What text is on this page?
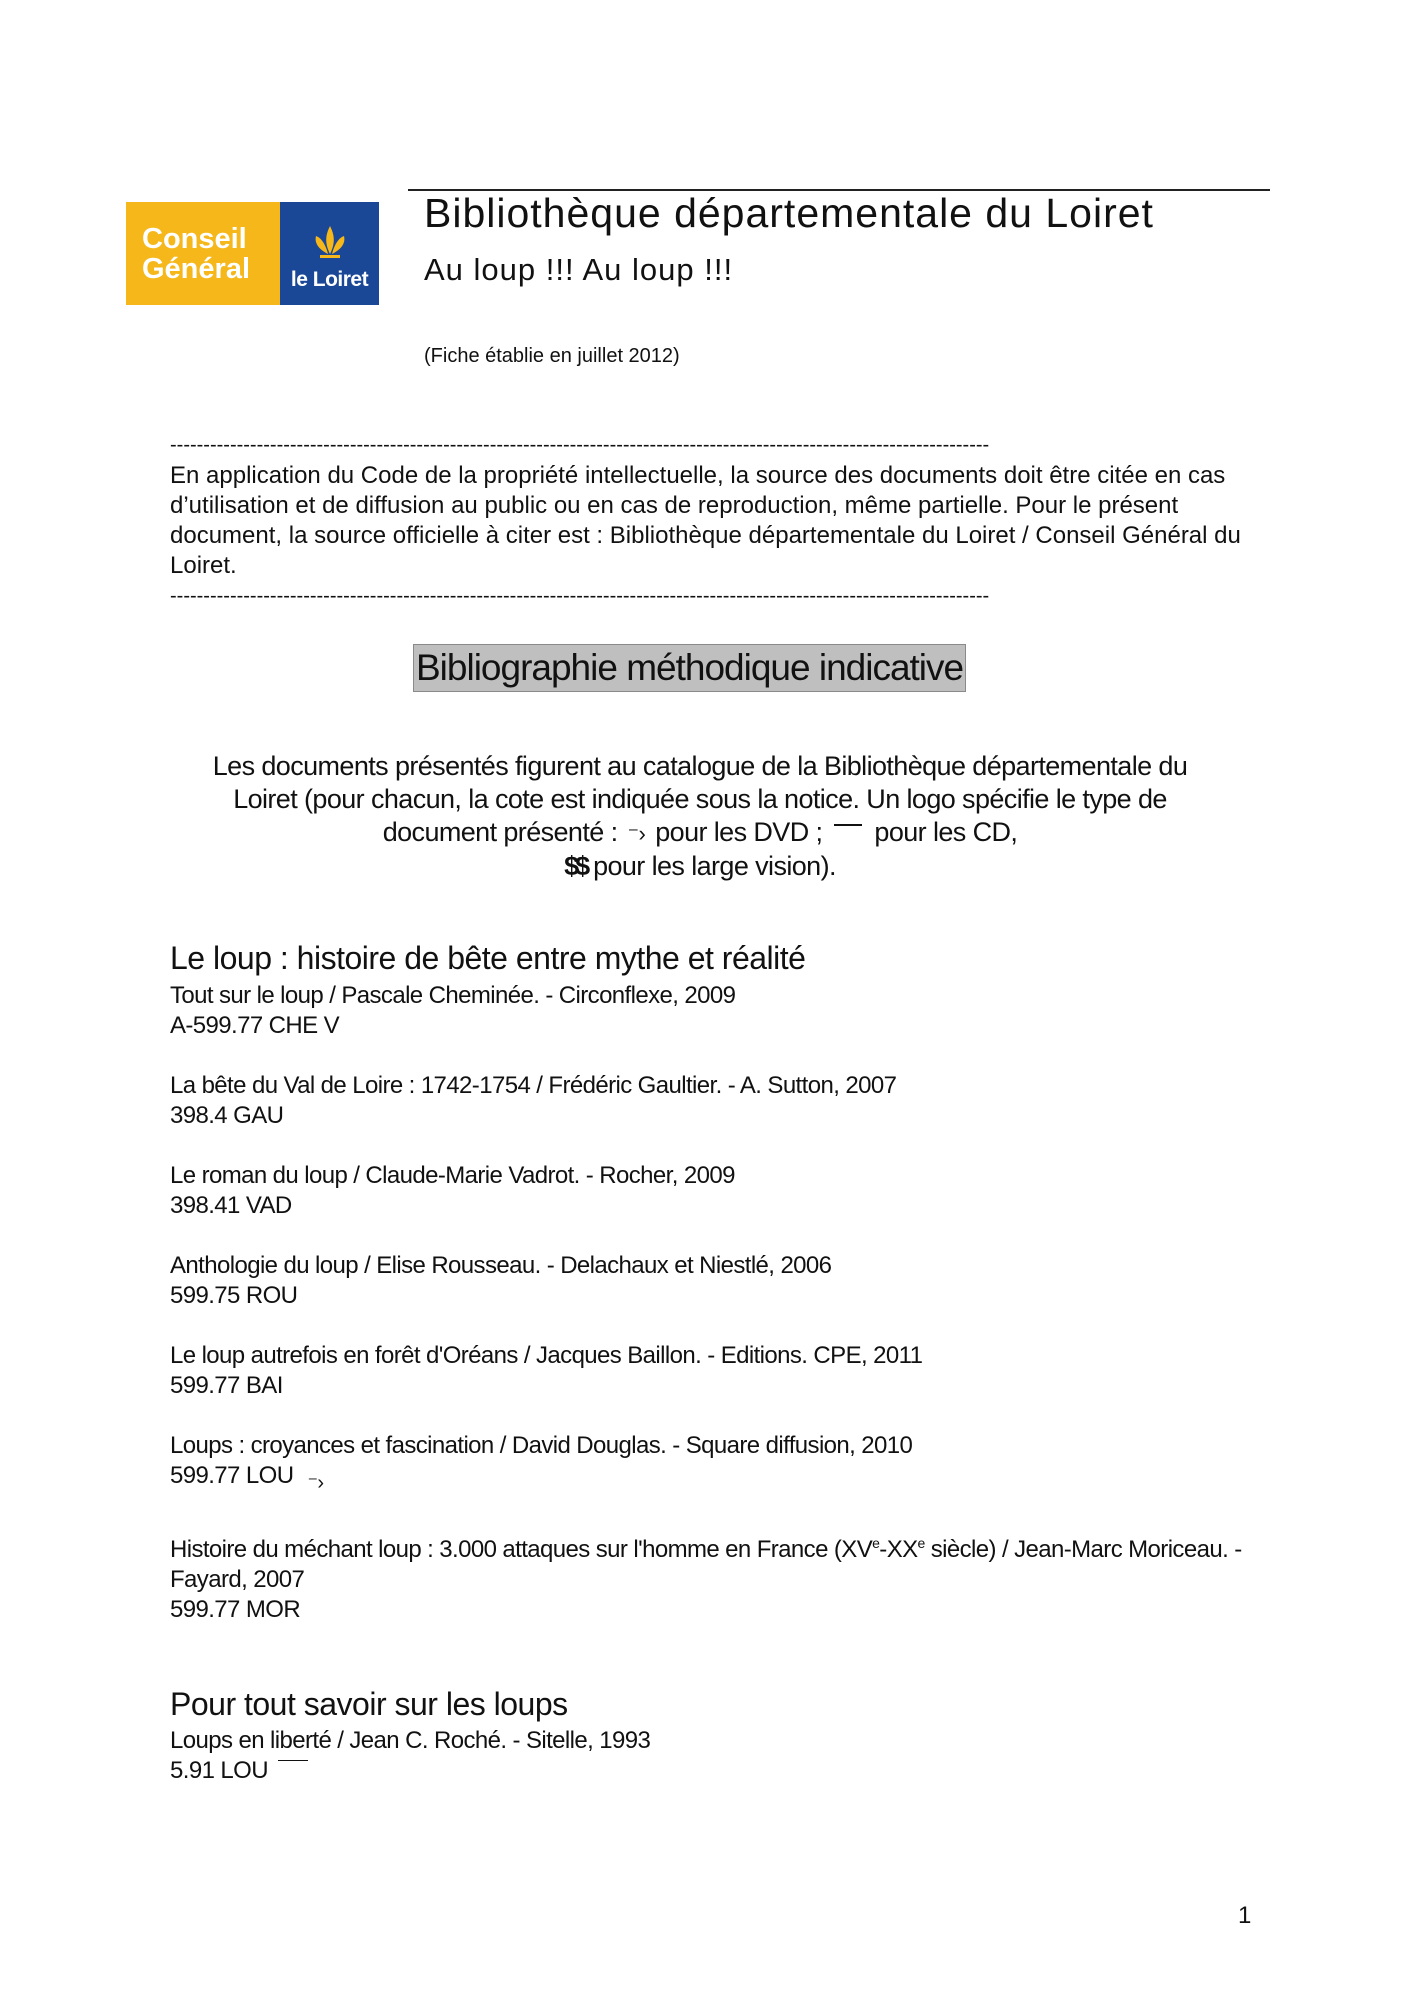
Conseil
Général	le Loiret
Bibliothèque départementale du Loiret
Au loup !!! Au loup !!!
(Fiche établie en juillet 2012)
---------------------------------------------------------------------------------------------------------------------------
En application du Code de la propriété intellectuelle, la source des documents doit être citée en cas d’utilisation et de diffusion au public ou en cas de reproduction, même partielle. Pour le présent document, la source officielle à citer est : Bibliothèque départementale du Loiret / Conseil Général du Loiret.
---------------------------------------------------------------------------------------------------------------------------
Bibliographie méthodique indicative
Les documents présentés figurent au catalogue de la Bibliothèque départementale du
Loiret (pour chacun, la cote est indiquée sous la notice. Un logo spécifie le type de
document présenté : ⁻› pour les DVD ; pour les CD,
$$ pour les large vision).
Le loup : histoire de bête entre mythe et réalité
Tout sur le loup / Pascale Cheminée. - Circonflexe, 2009
A-599.77 CHE V
La bête du Val de Loire : 1742-1754 / Frédéric Gaultier. - A. Sutton, 2007
398.4 GAU
Le roman du loup / Claude-Marie Vadrot. - Rocher, 2009
398.41 VAD
Anthologie du loup / Elise Rousseau. - Delachaux et Niestlé, 2006
599.75 ROU
Le loup autrefois en forêt d'Oréans / Jacques Baillon. - Editions. CPE, 2011
599.77 BAI
Loups : croyances et fascination / David Douglas. - Square diffusion, 2010
599.77 LOU ⁻›
Histoire du méchant loup : 3.000 attaques sur l'homme en France (XVe-XXe siècle) / Jean-Marc Moriceau. - Fayard, 2007
599.77 MOR
Pour tout savoir sur les loups
Loups en liberté / Jean C. Roché. - Sitelle, 1993
5.91 LOU
1
